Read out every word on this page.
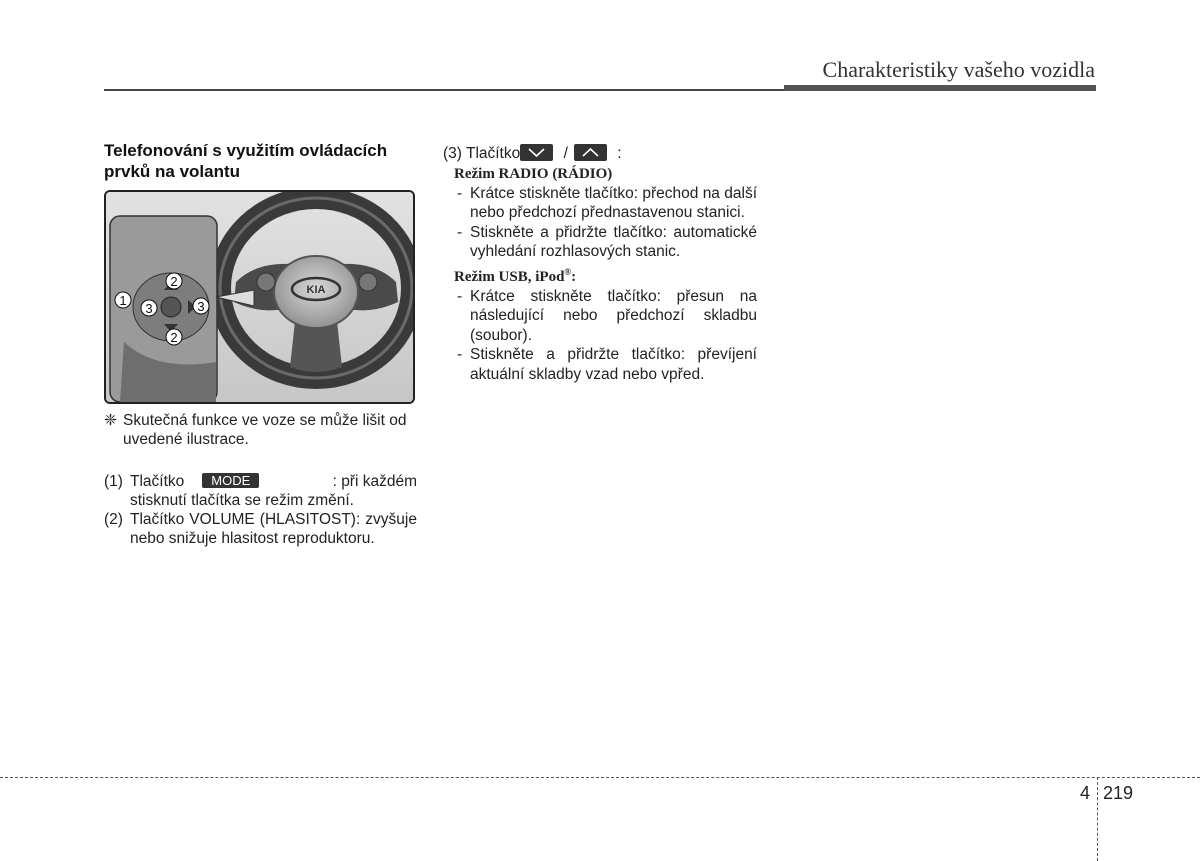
Charakteristiky vašeho vozidla
Telefonování s využitím ovládacích prvků na volantu
KIA
1
2
2
3	3
❈ Skutečná funkce ve voze se může lišit od uvedené ilustrace.
(1) Tlačítko MODE	: při každém
stisknutí tlačítka se režim změní.
(2) Tlačítko VOLUME (HLASITOST): zvyšuje nebo snižuje hlasitost reproduktoru.
(3) Tlačítko	/	:
Režim RADIO (RÁDIO)
- Krátce stiskněte tlačítko: přechod na další nebo předchozí přednastavenou stanici.
- Stiskněte a přidržte tlačítko: automatické vyhledání rozhlasových stanic.
Režim USB, iPod®:
- Krátce stiskněte tlačítko: přesun na následující nebo předchozí skladbu (soubor).
- Stiskněte a přidržte tlačítko: převíjení aktuální skladby vzad nebo vpřed.
4 219
